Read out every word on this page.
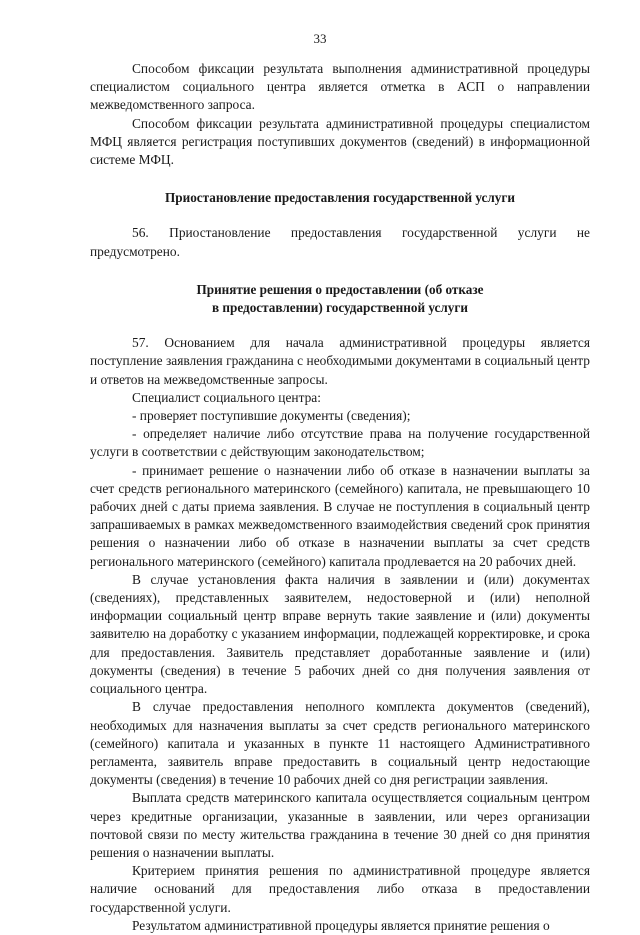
33

Способом фиксации результата выполнения административной процедуры специалистом социального центра является отметка в АСП о направлении межведомственного запроса.

Способом фиксации результата административной процедуры специалистом МФЦ является регистрация поступивших документов (сведений) в информационной системе МФЦ.

Приостановление предоставления государственной услуги

56. Приостановление предоставления государственной услуги не предусмотрено.

Принятие решения о предоставлении (об отказе
в предоставлении) государственной услуги

57. Основанием для начала административной процедуры является поступление заявления гражданина с необходимыми документами в социальный центр и ответов на межведомственные запросы.

Специалист социального центра:

- проверяет поступившие документы (сведения);

- определяет наличие либо отсутствие права на получение государственной услуги в соответствии с действующим законодательством;

- принимает решение о назначении либо об отказе в назначении выплаты за счет средств регионального материнского (семейного) капитала, не превышающего 10 рабочих дней с даты приема заявления. В случае не поступления в социальный центр запрашиваемых в рамках межведомственного взаимодействия сведений срок принятия решения о назначении либо об отказе в назначении выплаты за счет средств регионального материнского (семейного) капитала продлевается на 20 рабочих дней.

В случае установления факта наличия в заявлении и (или) документах (сведениях), представленных заявителем, недостоверной и (или) неполной информации социальный центр вправе вернуть такие заявление и (или) документы заявителю на доработку с указанием информации, подлежащей корректировке, и срока для предоставления. Заявитель представляет доработанные заявление и (или) документы (сведения) в течение 5 рабочих дней со дня получения заявления от социального центра.

В случае предоставления неполного комплекта документов (сведений), необходимых для назначения выплаты за счет средств регионального материнского (семейного) капитала и указанных в пункте 11 настоящего Административного регламента, заявитель вправе предоставить в социальный центр недостающие документы (сведения) в течение 10 рабочих дней со дня регистрации заявления.

Выплата средств материнского капитала осуществляется социальным центром через кредитные организации, указанные в заявлении, или через организации почтовой связи по месту жительства гражданина в течение 30 дней со дня принятия решения о назначении выплаты.

Критерием принятия решения по административной процедуре является наличие оснований для предоставления либо отказа в предоставлении государственной услуги.

Результатом административной процедуры является принятие решения о
